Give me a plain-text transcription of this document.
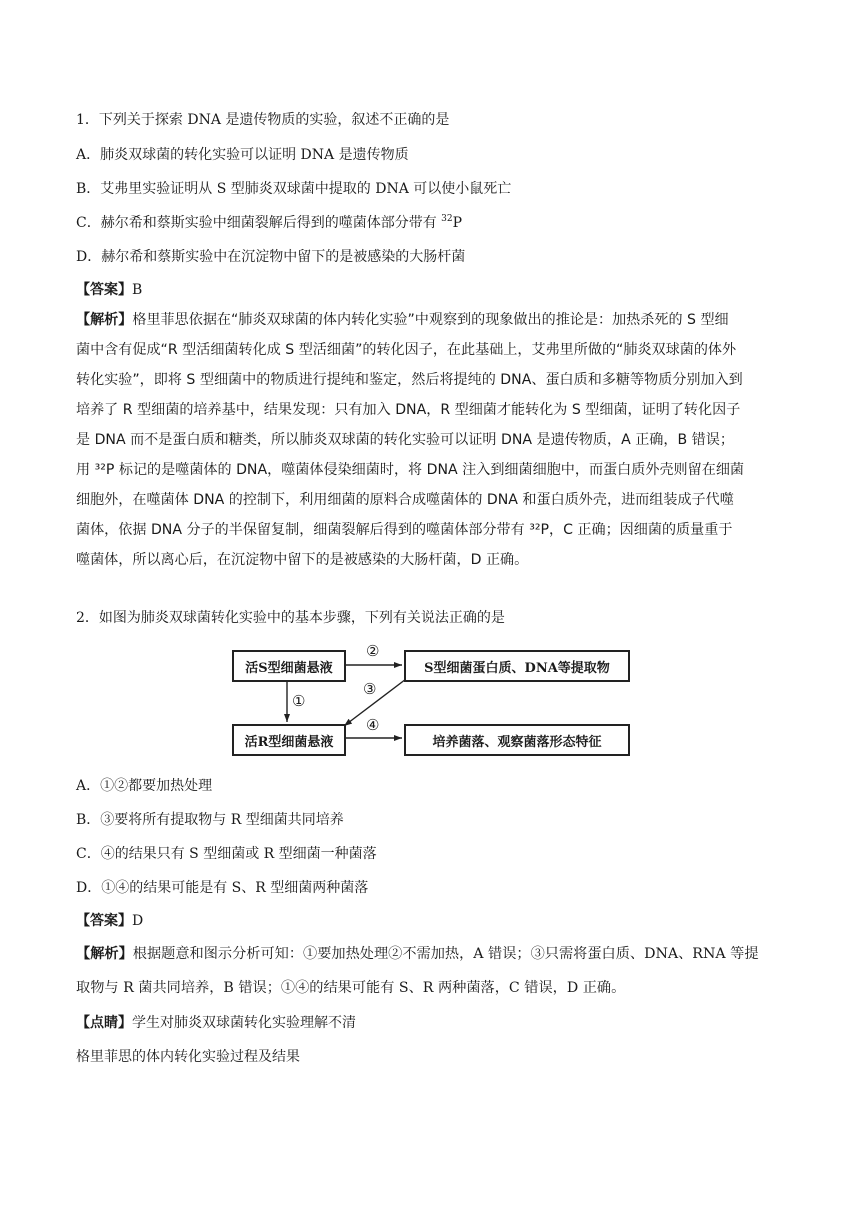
1．下列关于探索 DNA 是遗传物质的实验，叙述不正确的是
A．肺炎双球菌的转化实验可以证明 DNA 是遗传物质
B．艾弗里实验证明从 S 型肺炎双球菌中提取的 DNA 可以使小鼠死亡
C．赫尔希和蔡斯实验中细菌裂解后得到的噬菌体部分带有 $^{32}$P
D．赫尔希和蔡斯实验中在沉淀物中留下的是被感染的大肠杆菌
【答案】B
【解析】格里菲思依据在“肺炎双球菌的体内转化实验”中观察到的现象做出的推论是：加热杀死的 S 型细
菌中含有促成“R 型活细菌转化成 S 型活细菌”的转化因子，在此基础上，艾弗里所做的“肺炎双球菌的体外
转化实验”，即将 S 型细菌中的物质进行提纯和鉴定，然后将提纯的 DNA、蛋白质和多糖等物质分别加入到
培养了 R 型细菌的培养基中，结果发现：只有加入 DNA，R 型细菌才能转化为 S 型细菌，证明了转化因子
是 DNA 而不是蛋白质和糖类，所以肺炎双球菌的转化实验可以证明 DNA 是遗传物质，A 正确，B 错误；
用 ³²P 标记的是噬菌体的 DNA，噬菌体侵染细菌时，将 DNA 注入到细菌细胞中，而蛋白质外壳则留在细菌
细胞外，在噬菌体 DNA 的控制下，利用细菌的原料合成噬菌体的 DNA 和蛋白质外壳，进而组装成子代噬
菌体，依据 DNA 分子的半保留复制，细菌裂解后得到的噬菌体部分带有 ³²P，C 正确；因细菌的质量重于
噬菌体，所以离心后，在沉淀物中留下的是被感染的大肠杆菌，D 正确。
2．如图为肺炎双球菌转化实验中的基本步骤，下列有关说法正确的是
活S型细菌悬液	S型细菌蛋白质、DNA等提取物
活R型细菌悬液	培养菌落、观察菌落形态特征
②
①
③
④
A．①②都要加热处理
B．③要将所有提取物与 R 型细菌共同培养
C．④的结果只有 S 型细菌或 R 型细菌一种菌落
D．①④的结果可能是有 S、R 型细菌两种菌落
【答案】D
【解析】根据题意和图示分析可知：①要加热处理②不需加热，A 错误；③只需将蛋白质、DNA、RNA 等提
取物与 R 菌共同培养，B 错误；①④的结果可能有 S、R 两种菌落，C 错误，D 正确。
【点睛】学生对肺炎双球菌转化实验理解不清
格里菲思的体内转化实验过程及结果
